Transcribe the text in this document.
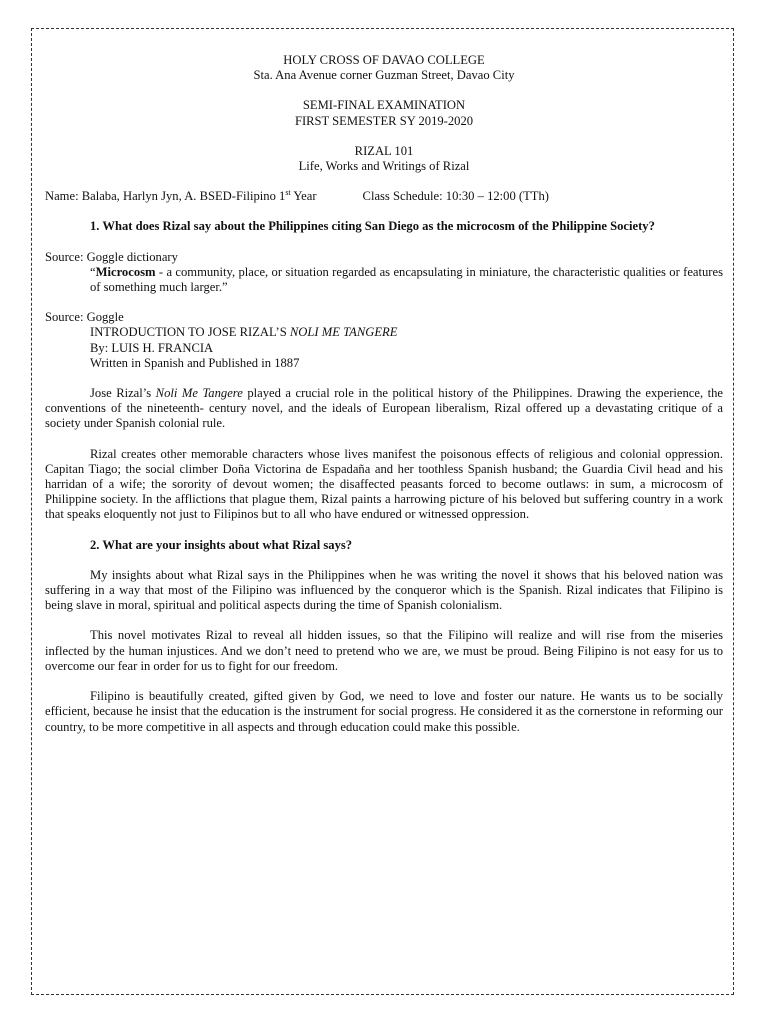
HOLY CROSS OF DAVAO COLLEGE

Sta. Ana Avenue corner Guzman Street, Davao City

SEMI-FINAL EXAMINATION

FIRST SEMESTER SY 2019-2020

RIZAL 101

Life, Works and Writings of Rizal

Name: Balaba, Harlyn Jyn, A. BSED-Filipino 1st Year	Class Schedule: 10:30 – 12:00 (TTh)

1. What does Rizal say about the Philippines citing San Diego as the microcosm of the Philippine Society?

Source: Goggle dictionary

“Microcosm - a community, place, or situation regarded as encapsulating in miniature, the characteristic qualities or features of something much larger.”

Source: Goggle

INTRODUCTION TO JOSE RIZAL’S NOLI ME TANGERE

By: LUIS H. FRANCIA

Written in Spanish and Published in 1887

Jose Rizal’s Noli Me Tangere played a crucial role in the political history of the Philippines. Drawing the experience, the conventions of the nineteenth- century novel, and the ideals of European liberalism, Rizal offered up a devastating critique of a society under Spanish colonial rule.

Rizal creates other memorable characters whose lives manifest the poisonous effects of religious and colonial oppression. Capitan Tiago; the social climber Doña Victorina de Espadaña and her toothless Spanish husband; the Guardia Civil head and his harridan of a wife; the sorority of devout women; the disaffected peasants forced to become outlaws: in sum, a microcosm of Philippine society. In the afflictions that plague them, Rizal paints a harrowing picture of his beloved but suffering country in a work that speaks eloquently not just to Filipinos but to all who have endured or witnessed oppression.

2. What are your insights about what Rizal says?

My insights about what Rizal says in the Philippines when he was writing the novel it shows that his beloved nation was suffering in a way that most of the Filipino was influenced by the conqueror which is the Spanish. Rizal indicates that Filipino is being slave in moral, spiritual and political aspects during the time of Spanish colonialism.

This novel motivates Rizal to reveal all hidden issues, so that the Filipino will realize and will rise from the miseries inflected by the human injustices. And we don’t need to pretend who we are, we must be proud. Being Filipino is not easy for us to overcome our fear in order for us to fight for our freedom.

Filipino is beautifully created, gifted given by God, we need to love and foster our nature. He wants us to be socially efficient, because he insist that the education is the instrument for social progress. He considered it as the cornerstone in reforming our country, to be more competitive in all aspects and through education could make this possible.
